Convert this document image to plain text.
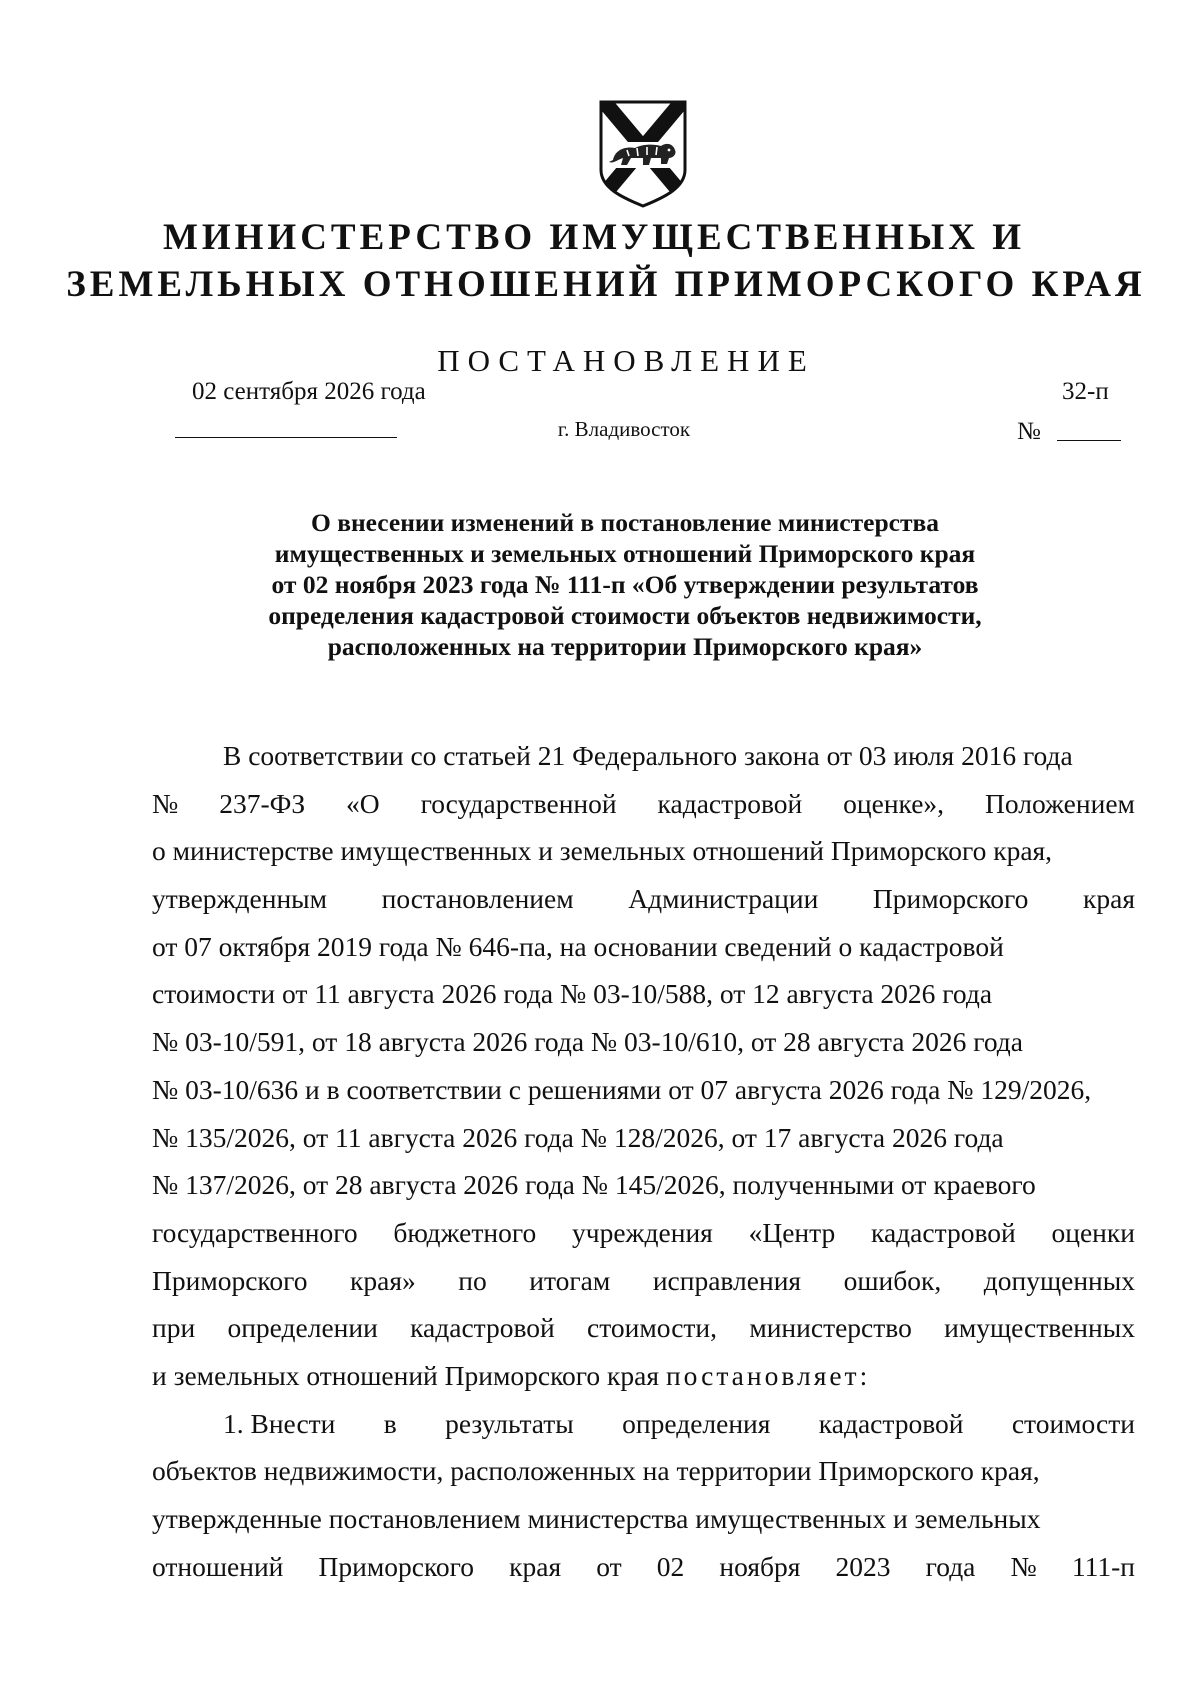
МИНИСТЕРСТВО ИМУЩЕСТВЕННЫХ И
ЗЕМЕЛЬНЫХ ОТНОШЕНИЙ ПРИМОРСКОГО КРАЯ
ПОСТАНОВЛЕНИЕ
02 сентября 2026 года
г. Владивосток
32-п
№
О внесении изменений в постановление министерства
имущественных и земельных отношений Приморского края
от 02 ноября 2023 года № 111-п «Об утверждении результатов
определения кадастровой стоимости объектов недвижимости,
расположенных на территории Приморского края»
В соответствии со статьей 21 Федерального закона от 03 июля 2016 года
№ 237-ФЗ «О государственной кадастровой оценке», Положением
о министерстве имущественных и земельных отношений Приморского края,
утвержденным постановлением Администрации Приморского края
от 07 октября 2019 года № 646-па, на основании сведений о кадастровой
стоимости от 11 августа 2026 года № 03-10/588, от 12 августа 2026 года
№ 03-10/591, от 18 августа 2026 года № 03-10/610, от 28 августа 2026 года
№ 03-10/636 и в соответствии с решениями от 07 августа 2026 года № 129/2026,
№ 135/2026, от 11 августа 2026 года № 128/2026, от 17 августа 2026 года
№ 137/2026, от 28 августа 2026 года № 145/2026, полученными от краевого
государственного бюджетного учреждения «Центр кадастровой оценки
Приморского края» по итогам исправления ошибок, допущенных
при определении кадастровой стоимости, министерство имущественных
и земельных отношений Приморского края постановляет:
1. Внести в результаты определения кадастровой стоимости
объектов недвижимости, расположенных на территории Приморского края,
утвержденные постановлением министерства имущественных и земельных
отношений Приморского края от 02 ноября 2023 года № 111-п
